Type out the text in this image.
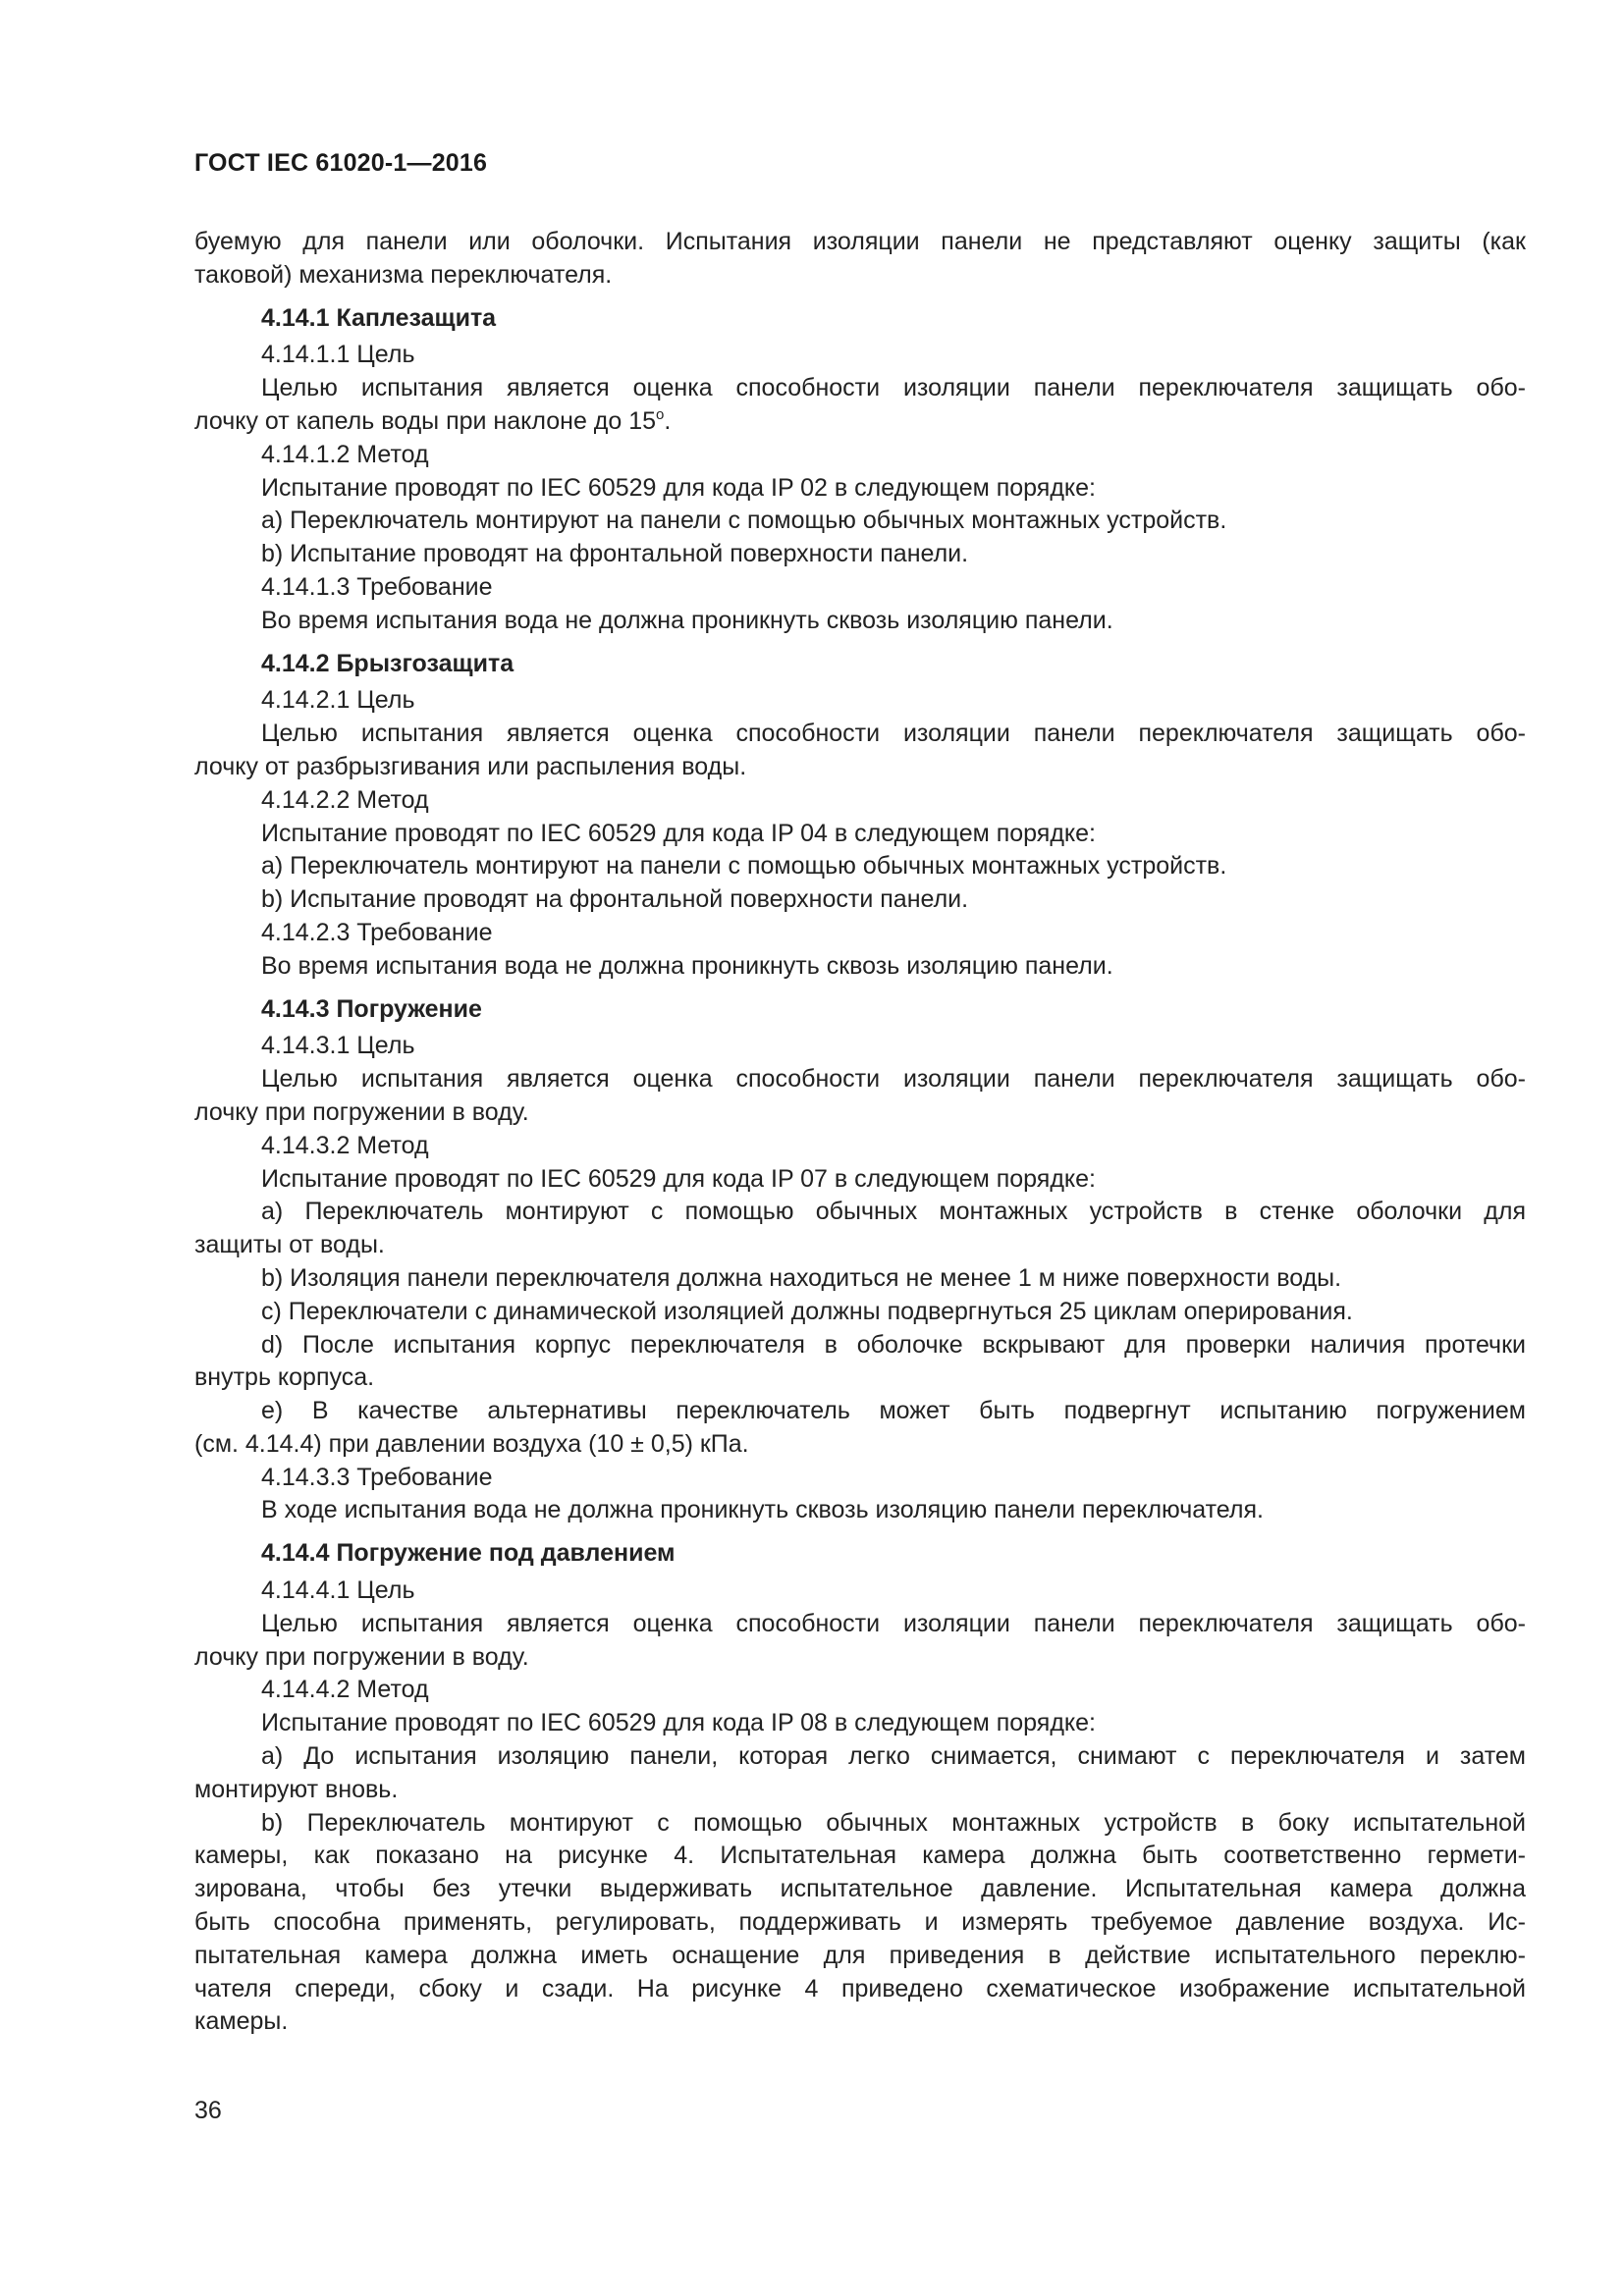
ГОСТ IEC 61020-1—2016

буемую для панели или оболочки. Испытания изоляции панели не представляют оценку защиты (как

таковой) механизма переключателя.

4.14.1 Каплезащита

4.14.1.1 Цель

Целью испытания является оценка способности изоляции панели переключателя защищать обо-

лочку от капель воды при наклоне до $15^о$.

4.14.1.2 Метод

Испытание проводят по IEC 60529 для кода IP 02 в следующем порядке:

а) Переключатель монтируют на панели с помощью обычных монтажных устройств.

b) Испытание проводят на фронтальной поверхности панели.

4.14.1.3 Требование

Во время испытания вода не должна проникнуть сквозь изоляцию панели.

4.14.2 Брызгозащита

4.14.2.1 Цель

Целью испытания является оценка способности изоляции панели переключателя защищать обо-

лочку от разбрызгивания или распыления воды.

4.14.2.2 Метод

Испытание проводят по IEC 60529 для кода IP 04 в следующем порядке:

а) Переключатель монтируют на панели с помощью обычных монтажных устройств.

b) Испытание проводят на фронтальной поверхности панели.

4.14.2.3 Требование

Во время испытания вода не должна проникнуть сквозь изоляцию панели.

4.14.3 Погружение

4.14.3.1 Цель

Целью испытания является оценка способности изоляции панели переключателя защищать обо-

лочку при погружении в воду.

4.14.3.2 Метод

Испытание проводят по IEC 60529 для кода IP 07 в следующем порядке:

а) Переключатель монтируют с помощью обычных монтажных устройств в стенке оболочки для

защиты от воды.

b) Изоляция панели переключателя должна находиться не менее 1 м ниже поверхности воды.

с) Переключатели с динамической изоляцией должны подвергнуться 25 циклам оперирования.

d) После испытания корпус переключателя в оболочке вскрывают для проверки наличия протечки

внутрь корпуса.

е) В качестве альтернативы переключатель может быть подвергнут испытанию погружением

(см. 4.14.4) при давлении воздуха (10 ± 0,5) кПа.

4.14.3.3 Требование

В ходе испытания вода не должна проникнуть сквозь изоляцию панели переключателя.

4.14.4 Погружение под давлением

4.14.4.1 Цель

Целью испытания является оценка способности изоляции панели переключателя защищать обо-

лочку при погружении в воду.

4.14.4.2 Метод

Испытание проводят по IEC 60529 для кода IP 08 в следующем порядке:

а) До испытания изоляцию панели, которая легко снимается, снимают с переключателя и затем

монтируют вновь.

b) Переключатель монтируют с помощью обычных монтажных устройств в боку испытательной

камеры, как показано на рисунке 4. Испытательная камера должна быть соответственно гермети-

зирована, чтобы без утечки выдерживать испытательное давление. Испытательная камера должна

быть способна применять, регулировать, поддерживать и измерять требуемое давление воздуха. Ис-

пытательная камера должна иметь оснащение для приведения в действие испытательного переклю-

чателя спереди, сбоку и сзади. На рисунке 4 приведено схематическое изображение испытательной

камеры.

36
